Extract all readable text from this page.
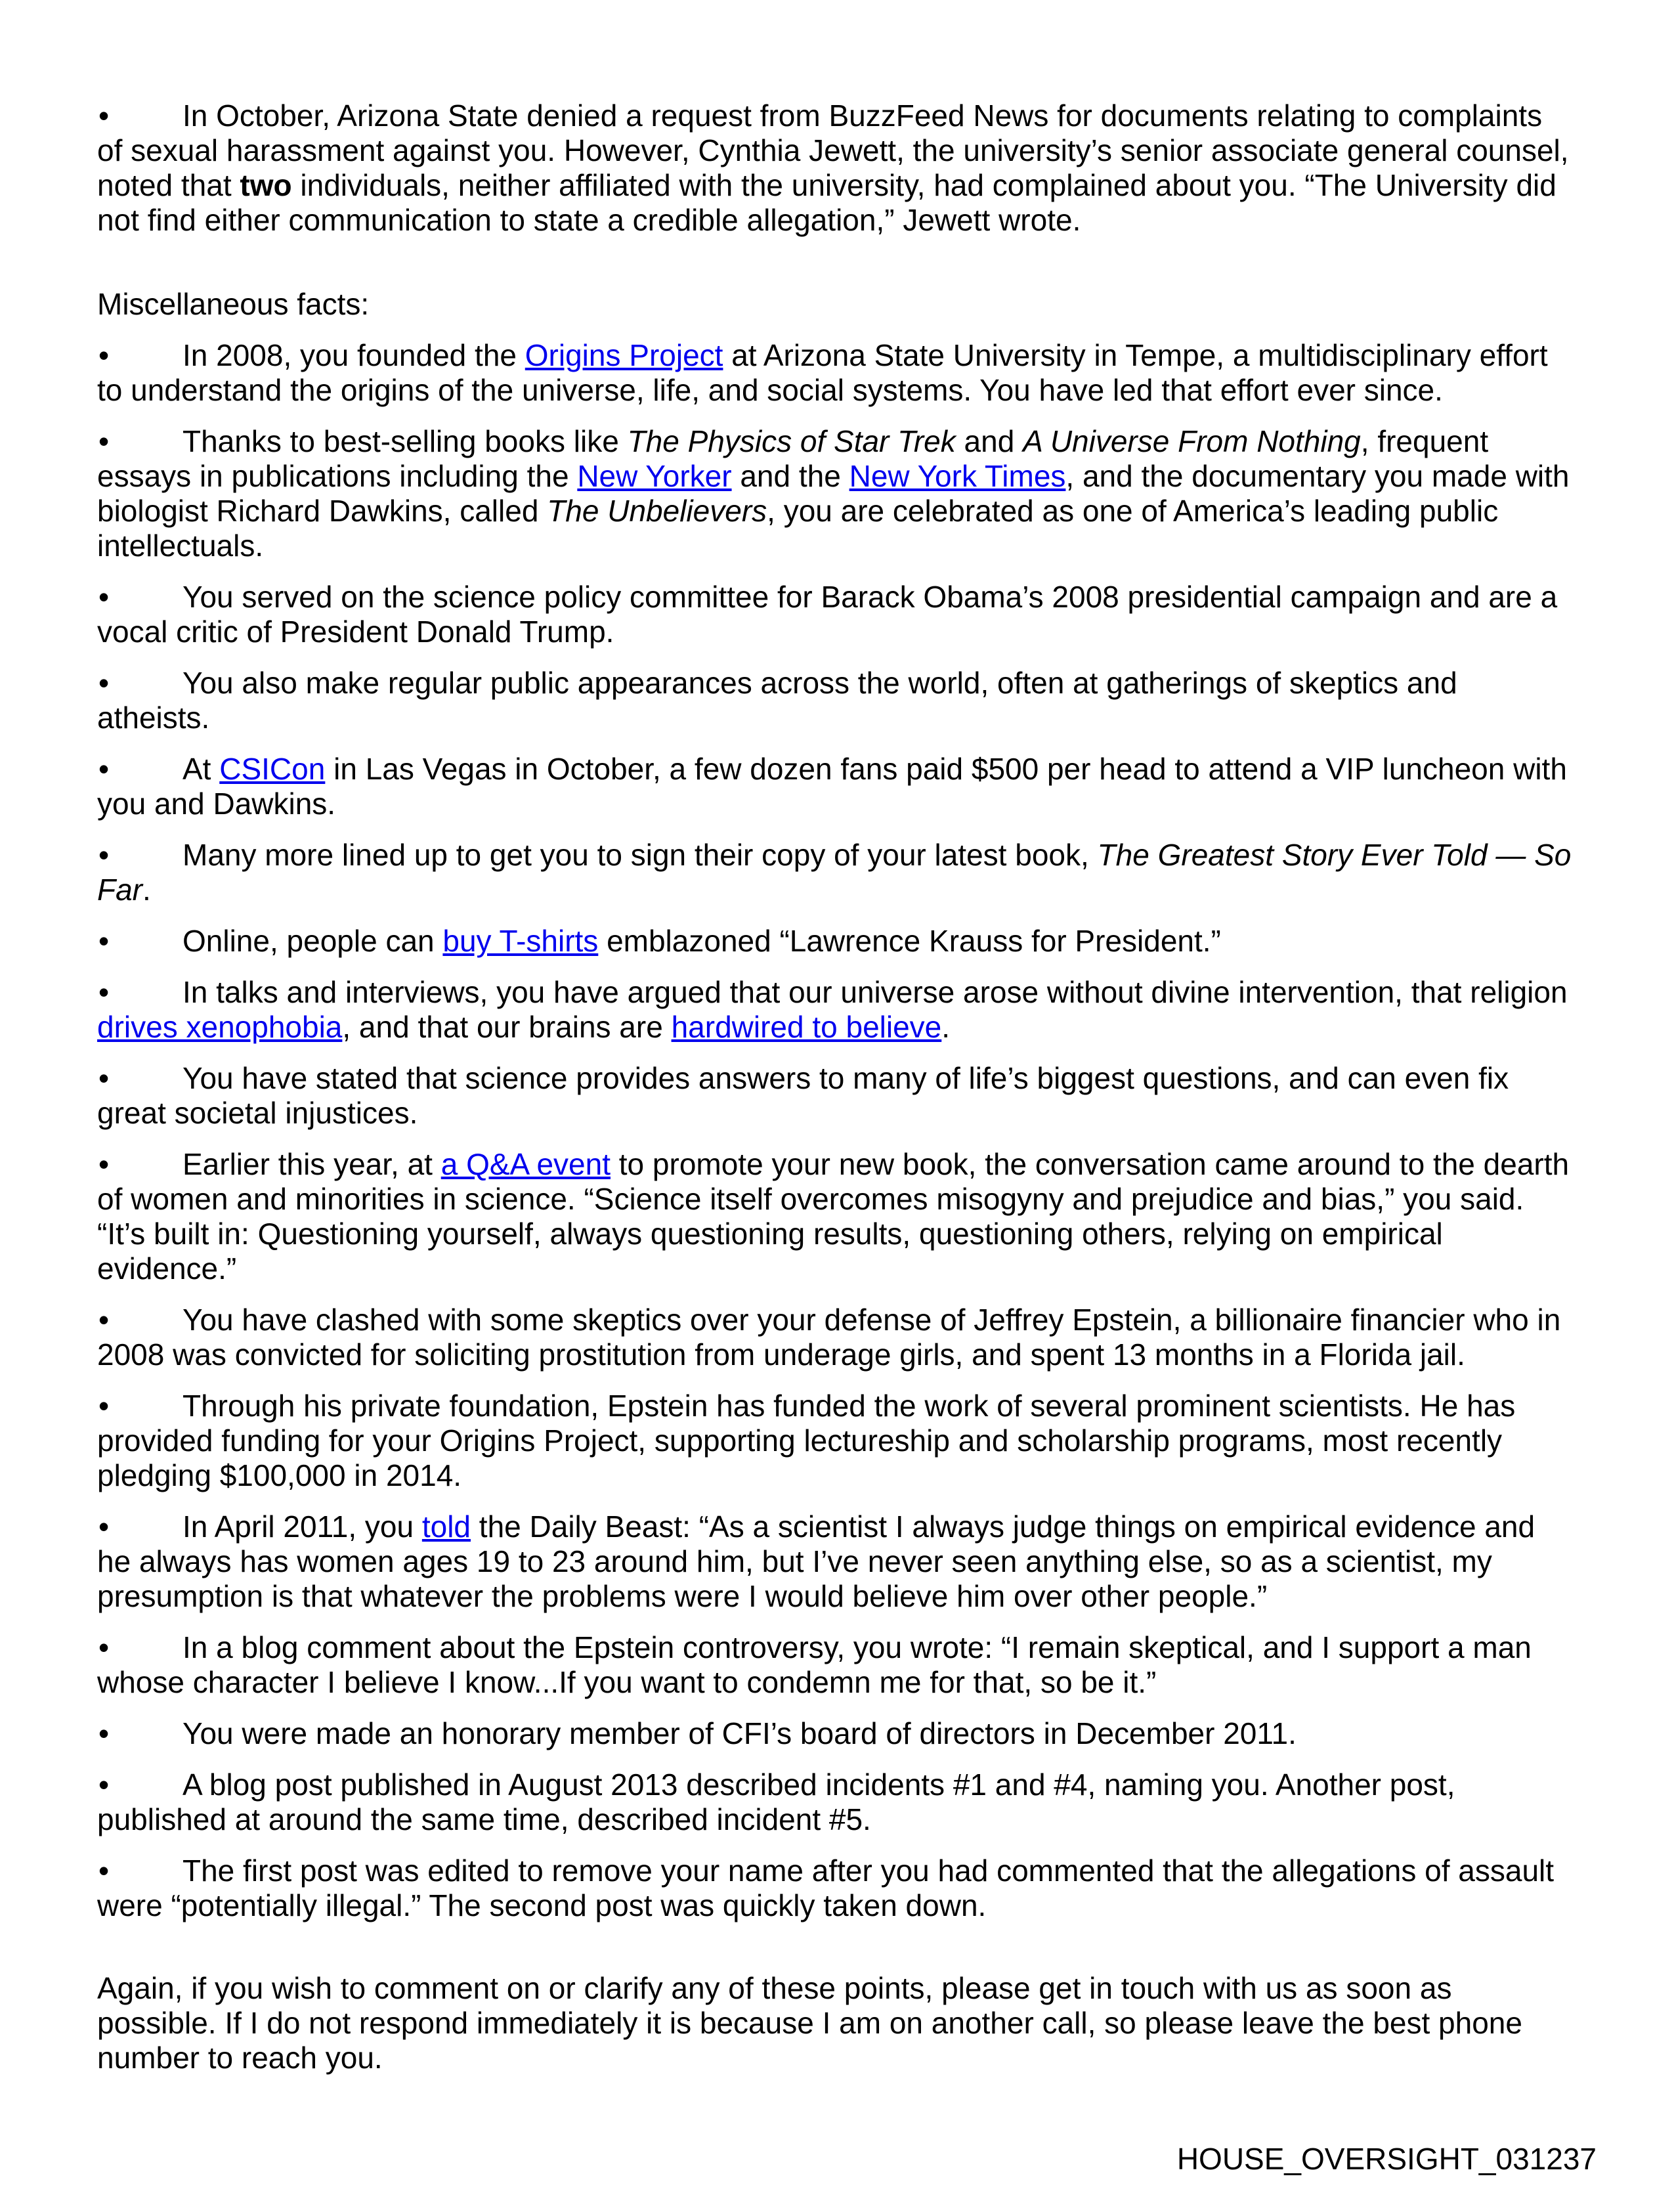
• In October, Arizona State denied a request from BuzzFeed News for documents relating to complaints of sexual harassment against you. However, Cynthia Jewett, the university’s senior associate general counsel, noted that two individuals, neither affiliated with the university, had complained about you. “The University did not find either communication to state a credible allegation,” Jewett wrote.

Miscellaneous facts:

• In 2008, you founded the Origins Project at Arizona State University in Tempe, a multidisciplinary effort to understand the origins of the universe, life, and social systems. You have led that effort ever since.

• Thanks to best-selling books like The Physics of Star Trek and A Universe From Nothing, frequent essays in publications including the New Yorker and the New York Times, and the documentary you made with biologist Richard Dawkins, called The Unbelievers, you are celebrated as one of America’s leading public intellectuals.

• You served on the science policy committee for Barack Obama’s 2008 presidential campaign and are a vocal critic of President Donald Trump.

• You also make regular public appearances across the world, often at gatherings of skeptics and atheists.

• At CSICon in Las Vegas in October, a few dozen fans paid $500 per head to attend a VIP luncheon with you and Dawkins.

• Many more lined up to get you to sign their copy of your latest book, The Greatest Story Ever Told — So Far.

• Online, people can buy T-shirts emblazoned “Lawrence Krauss for President.”

• In talks and interviews, you have argued that our universe arose without divine intervention, that religion drives xenophobia, and that our brains are hardwired to believe.

• You have stated that science provides answers to many of life’s biggest questions, and can even fix great societal injustices.

• Earlier this year, at a Q&A event to promote your new book, the conversation came around to the dearth of women and minorities in science. “Science itself overcomes misogyny and prejudice and bias,” you said. “It’s built in: Questioning yourself, always questioning results, questioning others, relying on empirical evidence.”

• You have clashed with some skeptics over your defense of Jeffrey Epstein, a billionaire financier who in 2008 was convicted for soliciting prostitution from underage girls, and spent 13 months in a Florida jail.

• Through his private foundation, Epstein has funded the work of several prominent scientists. He has provided funding for your Origins Project, supporting lectureship and scholarship programs, most recently pledging $100,000 in 2014.

• In April 2011, you told the Daily Beast: “As a scientist I always judge things on empirical evidence and he always has women ages 19 to 23 around him, but I’ve never seen anything else, so as a scientist, my presumption is that whatever the problems were I would believe him over other people.”

• In a blog comment about the Epstein controversy, you wrote: “I remain skeptical, and I support a man whose character I believe I know...If you want to condemn me for that, so be it.”

• You were made an honorary member of CFI’s board of directors in December 2011.

• A blog post published in August 2013 described incidents #1 and #4, naming you. Another post, published at around the same time, described incident #5.

• The first post was edited to remove your name after you had commented that the allegations of assault were “potentially illegal.” The second post was quickly taken down.

Again, if you wish to comment on or clarify any of these points, please get in touch with us as soon as possible. If I do not respond immediately it is because I am on another call, so please leave the best phone number to reach you.

HOUSE_OVERSIGHT_031237
